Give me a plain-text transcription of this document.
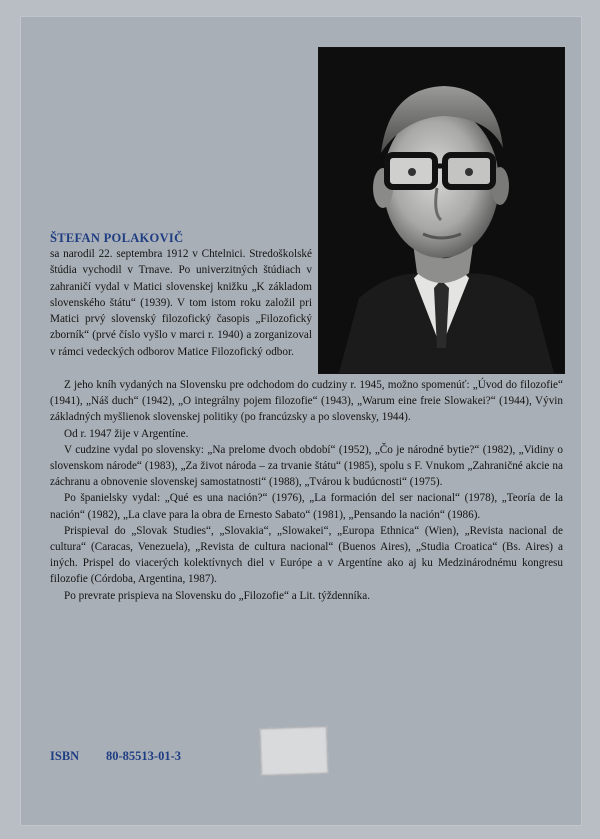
ŠTEFAN POLAKOVIČ

sa narodil 22. septembra 1912 v Chtelnici. Stredoškolské štúdia vychodil v Trnave. Po univerzitných štúdiach v zahraničí vydal v Matici slovenskej knižku „K základom slovenského štátu“ (1939). V tom istom roku založil pri Matici prvý slovenský filozofický časopis „Filozofický zborník“ (prvé číslo vyšlo v marci r. 1940) a zorganizoval v rámci vedeckých odborov Matice Filozofický odbor.

Z jeho kníh vydaných na Slovensku pre odchodom do cudziny r. 1945, možno spomenúť: „Úvod do filozofie“ (1941), „Náš duch“ (1942), „O integrálny pojem filozofie“ (1943), „Warum eine freie Slowakei?“ (1944), Vývin základných myšlienok slovenskej politiky (po francúzsky a po slovensky, 1944).

Od r. 1947 žije v Argentíne.

V cudzine vydal po slovensky: „Na prelome dvoch období“ (1952), „Čo je národné bytie?“ (1982), „Vidiny o slovenskom národe“ (1983), „Za život národa – za trvanie štátu“ (1985), spolu s F. Vnukom „Zahraničné akcie na záchranu a obnovenie slovenskej samostatnosti“ (1988), „Tvárou k budúcnosti“ (1975).

Po španielsky vydal: „Qué es una nación?“ (1976), „La formación del ser nacional“ (1978), „Teoría de la nación“ (1982), „La clave para la obra de Ernesto Sabato“ (1981), „Pensando la nación“ (1986).

Prispieval do „Slovak Studies“, „Slovakia“, „Slowakei“, „Europa Ethnica“ (Wien), „Revista nacional de cultura“ (Caracas, Venezuela), „Revista de cultura nacional“ (Buenos Aires), „Studia Croatica“ (Bs. Aires) a iných. Prispel do viacerých kolektívnych diel v Európe a v Argentíne ako aj ku Medzinárodnému kongresu filozofie (Córdoba, Argentina, 1987).

Po prevrate prispieva na Slovensku do „Filozofie“ a Lit. týždenníka.

ISBN 80-85513-01-3
